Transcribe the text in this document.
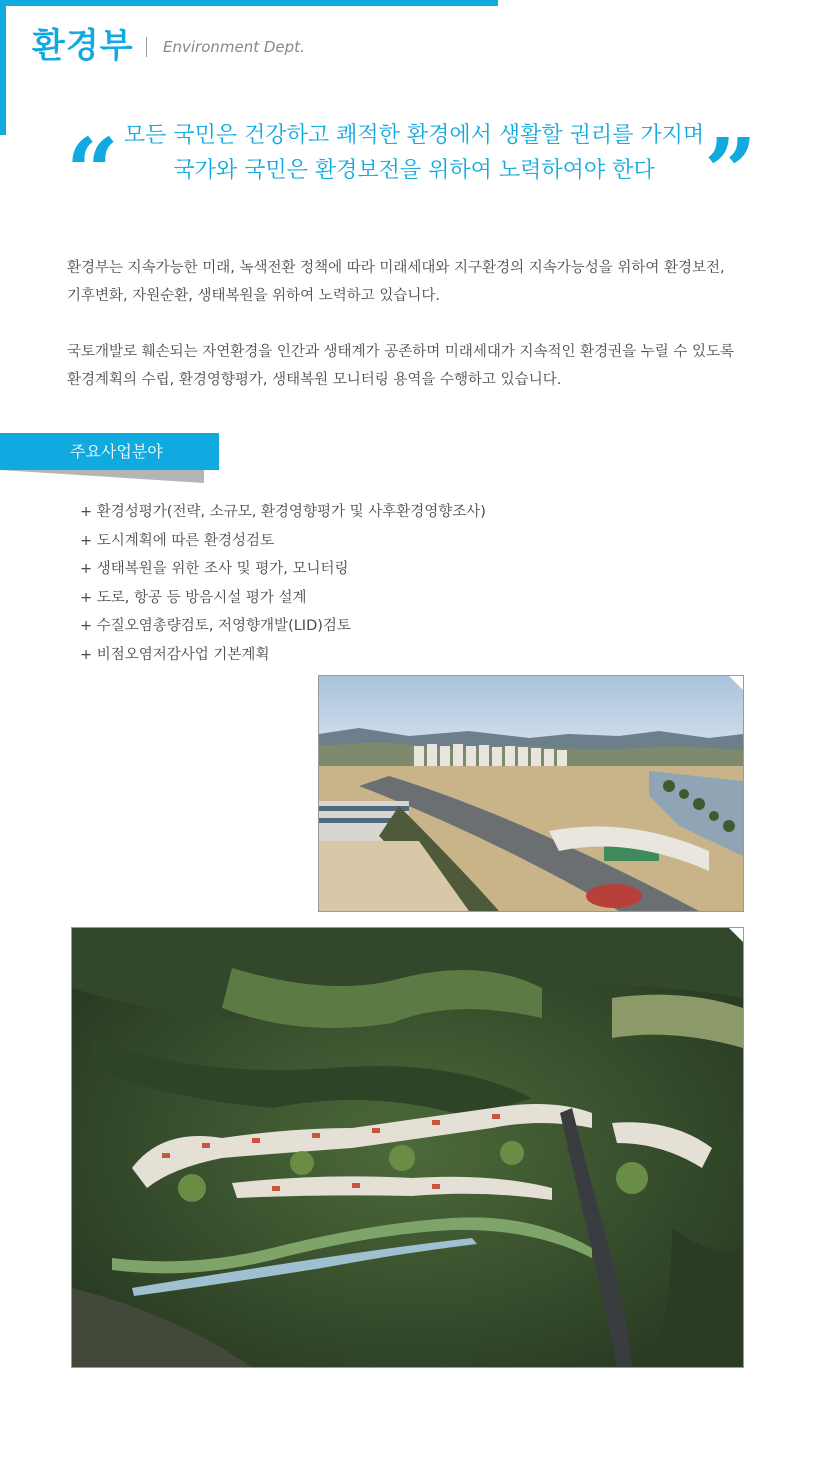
환경부 Environment Dept.
“ 모든 국민은 건강하고 쾌적한 환경에서 생활할 권리를 가지며
국가와 국민은 환경보전을 위하여 노력하여야 한다 ”
환경부는 지속가능한 미래, 녹색전환 정책에 따라 미래세대와 지구환경의 지속가능성을 위하여 환경보전,
기후변화, 자원순환, 생태복원을 위하여 노력하고 있습니다.
국토개발로 훼손되는 자연환경을 인간과 생태계가 공존하며 미래세대가 지속적인 환경권을 누릴 수 있도록
환경계획의 수립, 환경영향평가, 생태복원 모니터링 용역을 수행하고 있습니다.
주요사업분야
+ 환경성평가(전략, 소규모, 환경영향평가 및 사후환경영향조사)
+ 도시계획에 따른 환경성검토
+ 생태복원을 위한 조사 및 평가, 모니터링
+ 도로, 항공 등 방음시설 평가 설계
+ 수질오염총량검토, 저영향개발(LID)검토
+ 비점오염저감사업 기본계획
